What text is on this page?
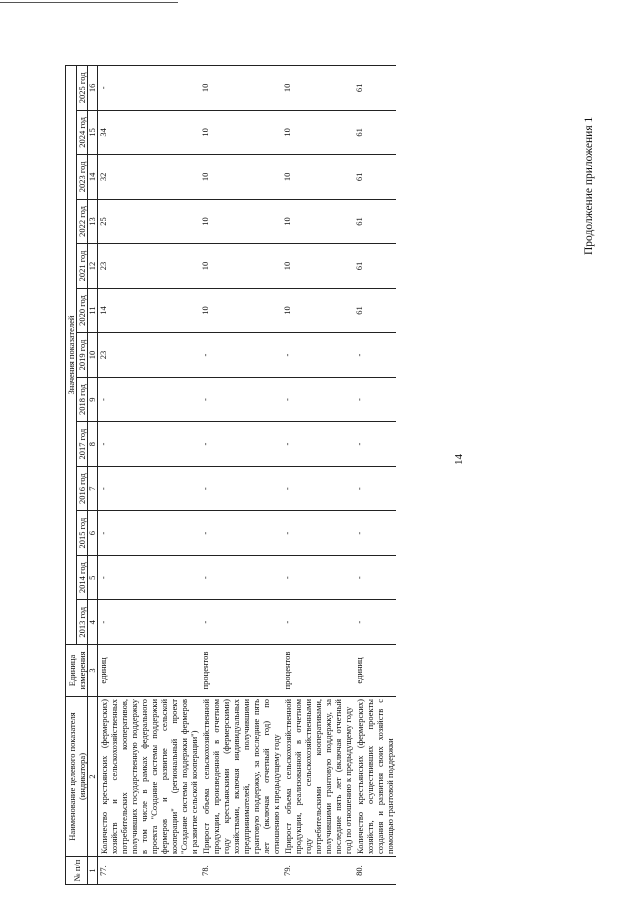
14
Продолжение приложения 1
№ п/п	Наименование целевого показателя (индикатора)	Единица измерения	Значения показателей												
			2013 год	2014 год	2015 год	2016 год	2017 год	2018 год	2019 год	2020 год	2021 год	2022 год	2023 год	2024 год	2025 год
1	2	3	4	5	6	7	8	9	10	11	12	13	14	15	16
77.	Количество крестьянских (фермерских) хозяйств и сельскохозяйственных потребительских кооперативов, получивших государственную поддержку в том числе в рамках федерального проекта "Создание системы поддержки фермеров и развитие сельской кооперации" (региональный проект "Создание системы поддержки фермеров и развитие сельской кооперации")	единиц	-	-	-	-	-	-	23	14	23	25	32	34	-
78.	Прирост объема сельскохозяйственной продукции, произведенной в отчетном году крестьянскими (фермерскими) хозяйствами, включая индивидуальных предпринимателей, получившими грантовую поддержку, за последние пять лет (включая отчетный год) по отношению к предыдущему году	процентов	-	-	-	-	-	-	-	10	10	10	10	10	10
79.	Прирост объема сельскохозяйственной продукции, реализованной в отчетном году сельскохозяйственными потребительскими кооперативами, получившими грантовую поддержку, за последние пять лет (включая отчетный год) по отношению к предыдущему году	процентов	-	-	-	-	-	-	-	10	10	10	10	10	10
80.	Количество крестьянских (фермерских) хозяйств, осуществивших проекты создания и развития своих хозяйств с помощью грантовой поддержки	единиц	-	-	-	-	-	-	-	61	61	61	61	61	61
